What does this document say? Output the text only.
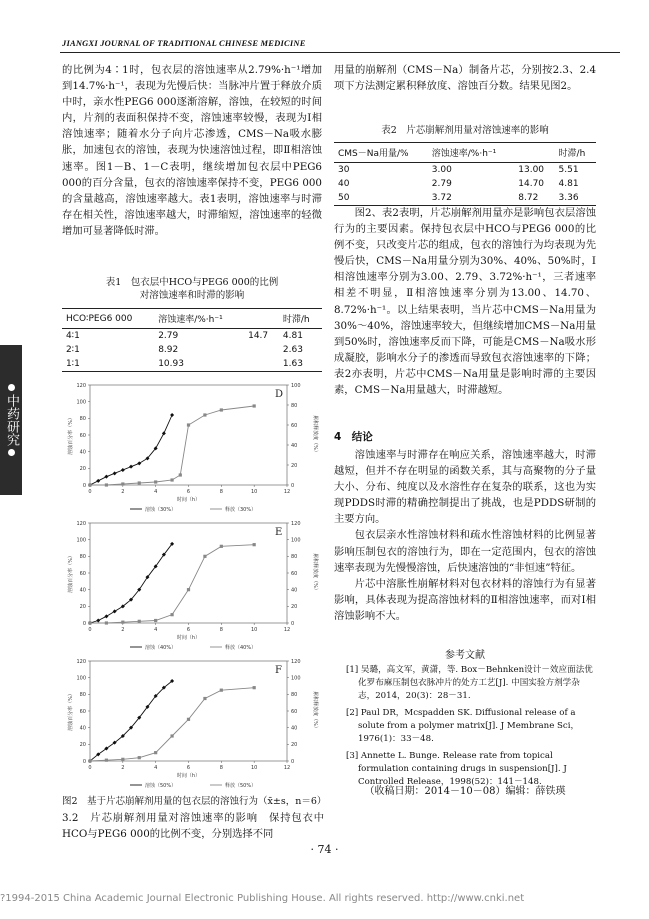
JIANGXI JOURNAL OF TRADITIONAL CHINESE MEDICINE
中药研究

的比例为4∶1时，包衣层的溶蚀速率从2.79%·h⁻¹增加到14.7%·h⁻¹，表现为先慢后快：当脉冲片置于释放介质中时，亲水性PEG6 000逐渐溶解，溶蚀，在较短的时间内，片剂的表面积保持不变，溶蚀速率较慢，表现为Ⅰ相溶蚀速率；随着水分子向片芯渗透，CMS－Na吸水膨胀，加速包衣的溶蚀，表现为快速溶蚀过程，即Ⅱ相溶蚀速率。图1－B、1－C表明，继续增加包衣层中PEG6 000的百分含量，包衣的溶蚀速率保持不变，PEG6 000的含量越高，溶蚀速率越大。表1表明，溶蚀速率与时滞存在相关性，溶蚀速率越大，时滞缩短，溶蚀速率的轻微增加可显著降低时滞。

表1　包衣层中HCO与PEG6 000的比例
对溶蚀速率和时滞的影响
HCO∶PEG6 000	溶蚀速率/%·h⁻¹		时滞/h
4∶1	2.79	14.7	4.81
2∶1	8.92		2.63
1∶1	10.93		1.63
0	2	4	6	8	10	12
0
20
40
60
80
100
120
0
20
40
60
80
100
溶蚀百分率（%）	累积释放度（%）
时间（h）
D
溶蚀（30%）	释放（30%）
0	2	4	6	8	10	12
0
20
40
60
80
100
120
0
20
40
60
80
100
120
溶蚀百分率（%）	累积释放度（%）
时间（h）
E
溶蚀（40%）	释放（40%）
0	2	4	6	8	10	12
0
20
40
60
80
100
120
0
20
40
60
80
100
120
溶蚀百分率（%）	累积释放度（%）
时间（h）
F
溶蚀（50%）	释放（50%）
图2　基于片芯崩解剂用量的包衣层的溶蚀行为（x̄±s，n＝6）

3.2　片芯崩解剂用量对溶蚀速率的影响　保持包衣中HCO与PEG6 000的比例不变，分别选择不同

用量的崩解剂（CMS－Na）制备片芯，分别按2.3、2.4项下方法测定累积释放度、溶蚀百分数。结果见图2。

表2　片芯崩解剂用量对溶蚀速率的影响
CMS－Na用量/%	溶蚀速率/%·h⁻¹		时滞/h
30	3.00	13.00	5.51
40	2.79	14.70	4.81
50	3.72	8.72	3.36

图2、表2表明，片芯崩解剂用量亦是影响包衣层溶蚀行为的主要因素。保持包衣层中HCO与PEG6 000的比例不变，只改变片芯的组成，包衣的溶蚀行为均表现为先慢后快，CMS－Na用量分别为30%、40%、50%时，Ⅰ相溶蚀速率分别为3.00、2.79、3.72%·h⁻¹，三者速率相差不明显，Ⅱ相溶蚀速率分别为13.00、14.70、8.72%·h⁻¹。以上结果表明，当片芯中CMS－Na用量为30%～40%，溶蚀速率较大，但继续增加CMS－Na用量到50%时，溶蚀速率反而下降，可能是CMS－Na吸水形成凝胶，影响水分子的渗透而导致包衣溶蚀速率的下降；表2亦表明，片芯中CMS－Na用量是影响时滞的主要因素，CMS－Na用量越大，时滞越短。

4　结论

溶蚀速率与时滞存在响应关系，溶蚀速率越大，时滞越短，但并不存在明显的函数关系，其与高聚物的分子量大小、分布、纯度以及水溶性存在复杂的联系，这也为实现PDDS时滞的精确控制提出了挑战，也是PDDS研制的主要方向。

包衣层亲水性溶蚀材料和疏水性溶蚀材料的比例显著影响压制包衣的溶蚀行为，即在一定范围内，包衣的溶蚀速率表现为先慢慢溶蚀，后快速溶蚀的“非恒速”特征。

片芯中溶胀性崩解材料对包衣材料的溶蚀行为有显著影响，具体表现为提高溶蚀材料的Ⅱ相溶蚀速率，而对Ⅰ相溶蚀影响不大。

参考文献

[1] 吴璐，高文军，黄潇，等. Box－Behnken设计－效应面法优化罗布麻压制包衣脉冲片的处方工艺[J]. 中国实验方剂学杂志，2014，20(3)：28－31.

[2] Paul DR，Mcspadden SK. Diffusional release of a solute from a polymer matrix[J]. J Membrane Sci，1976(1)：33－48.

[3] Annette L. Bunge. Release rate from topical formulation containing drugs in suspension[J]. J Controlled Release，1998(52)：141－148.

（收稿日期：2014－10－08）编辑：薛铁瑛
· 74 ·
?1994-2015 China Academic Journal Electronic Publishing House. All rights reserved. http://www.cnki.net
